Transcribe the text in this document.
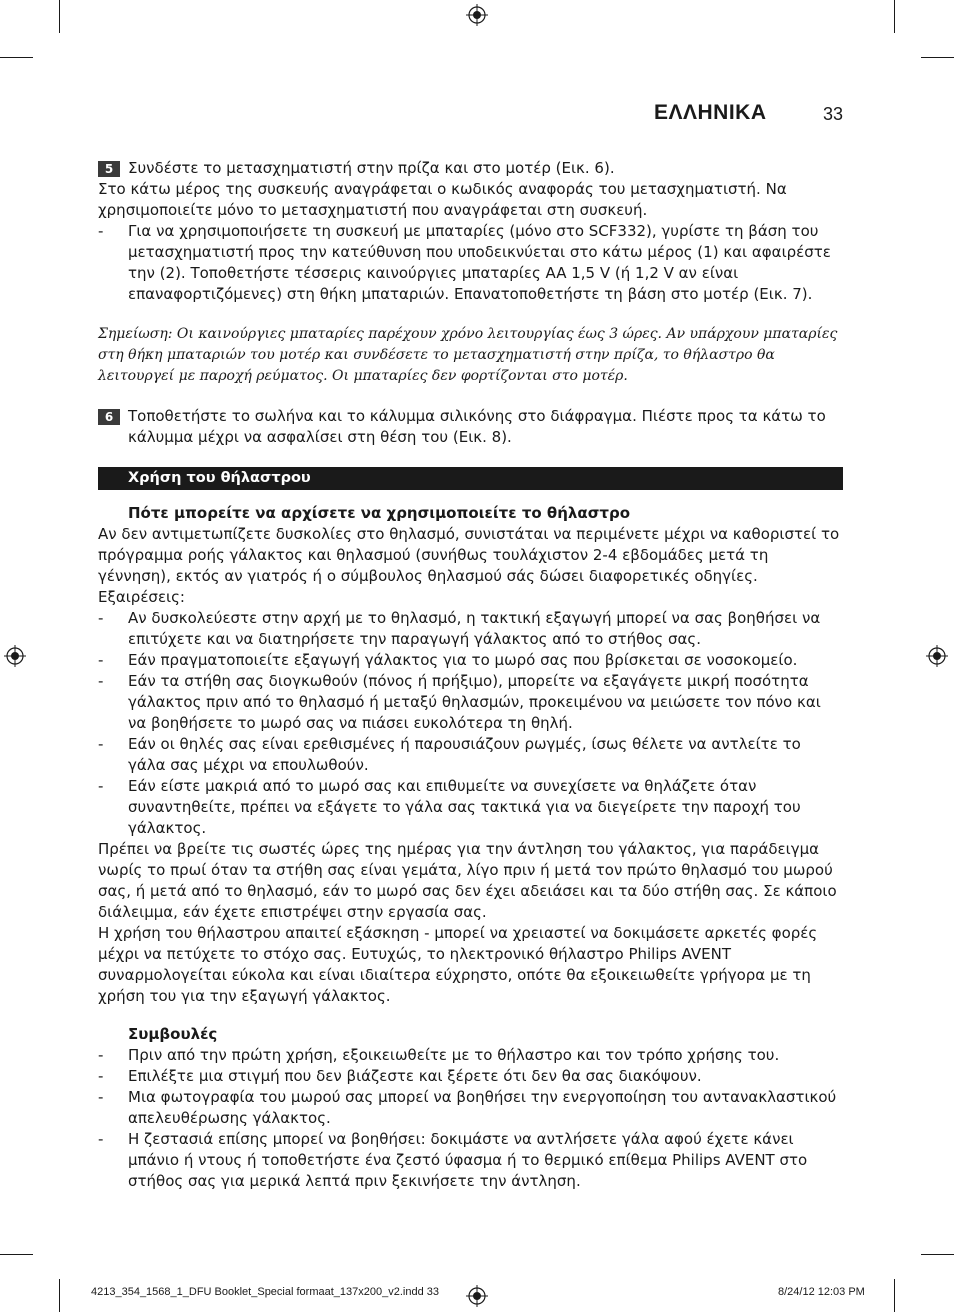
ΕΛΛΗΝΙΚΑ	33

5 Συνδέστε το μετασχηματιστή στην πρίζα και στο μοτέρ (Εικ. 6).

Στο κάτω μέρος της συσκευής αναγράφεται ο κωδικός αναφοράς του μετασχηματιστή. Να χρησιμοποιείτε μόνο το μετασχηματιστή που αναγράφεται στη συσκευή.

- Για να χρησιμοποιήσετε τη συσκευή με μπαταρίες (μόνο στο SCF332), γυρίστε τη βάση του μετασχηματιστή προς την κατεύθυνση που υποδεικνύεται στο κάτω μέρος (1) και αφαιρέστε την (2). Τοποθετήστε τέσσερις καινούργιες μπαταρίες AA 1,5 V (ή 1,2 V αν είναι επαναφορτιζόμενες) στη θήκη μπαταριών. Επανατοποθετήστε τη βάση στο μοτέρ (Εικ. 7).

Σημείωση: Οι καινούργιες μπαταρίες παρέχουν χρόνο λειτουργίας έως 3 ώρες. Αν υπάρχουν μπαταρίες στη θήκη μπαταριών του μοτέρ και συνδέσετε το μετασχηματιστή στην πρίζα, το θήλαστρο θα λειτουργεί με παροχή ρεύματος. Οι μπαταρίες δεν φορτίζονται στο μοτέρ.

6 Τοποθετήστε το σωλήνα και το κάλυμμα σιλικόνης στο διάφραγμα. Πιέστε προς τα κάτω το κάλυμμα μέχρι να ασφαλίσει στη θέση του (Εικ. 8).

Χρήση του θήλαστρου

Πότε μπορείτε να αρχίσετε να χρησιμοποιείτε το θήλαστρο

Αν δεν αντιμετωπίζετε δυσκολίες στο θηλασμό, συνιστάται να περιμένετε μέχρι να καθοριστεί το πρόγραμμα ροής γάλακτος και θηλασμού (συνήθως τουλάχιστον 2-4 εβδομάδες μετά τη γέννηση), εκτός αν γιατρός ή ο σύμβουλος θηλασμού σάς δώσει διαφορετικές οδηγίες.

Εξαιρέσεις:

- Αν δυσκολεύεστε στην αρχή με το θηλασμό, η τακτική εξαγωγή μπορεί να σας βοηθήσει να επιτύχετε και να διατηρήσετε την παραγωγή γάλακτος από το στήθος σας.

- Εάν πραγματοποιείτε εξαγωγή γάλακτος για το μωρό σας που βρίσκεται σε νοσοκομείο.

- Εάν τα στήθη σας διογκωθούν (πόνος ή πρήξιμο), μπορείτε να εξαγάγετε μικρή ποσότητα γάλακτος πριν από το θηλασμό ή μεταξύ θηλασμών, προκειμένου να μειώσετε τον πόνο και να βοηθήσετε το μωρό σας να πιάσει ευκολότερα τη θηλή.

- Εάν οι θηλές σας είναι ερεθισμένες ή παρουσιάζουν ρωγμές, ίσως θέλετε να αντλείτε το γάλα σας μέχρι να επουλωθούν.

- Εάν είστε μακριά από το μωρό σας και επιθυμείτε να συνεχίσετε να θηλάζετε όταν συναντηθείτε, πρέπει να εξάγετε το γάλα σας τακτικά για να διεγείρετε την παροχή του γάλακτος.

Πρέπει να βρείτε τις σωστές ώρες της ημέρας για την άντληση του γάλακτος, για παράδειγμα νωρίς το πρωί όταν τα στήθη σας είναι γεμάτα, λίγο πριν ή μετά τον πρώτο θηλασμό του μωρού σας, ή μετά από το θηλασμό, εάν το μωρό σας δεν έχει αδειάσει και τα δύο στήθη σας. Σε κάποιο διάλειμμα, εάν έχετε επιστρέψει στην εργασία σας.

Η χρήση του θήλαστρου απαιτεί εξάσκηση - μπορεί να χρειαστεί να δοκιμάσετε αρκετές φορές μέχρι να πετύχετε το στόχο σας. Ευτυχώς, το ηλεκτρονικό θήλαστρο Philips AVENT συναρμολογείται εύκολα και είναι ιδιαίτερα εύχρηστο, οπότε θα εξοικειωθείτε γρήγορα με τη χρήση του για την εξαγωγή γάλακτος.

Συμβουλές

- Πριν από την πρώτη χρήση, εξοικειωθείτε με το θήλαστρο και τον τρόπο χρήσης του.

- Επιλέξτε μια στιγμή που δεν βιάζεστε και ξέρετε ότι δεν θα σας διακόψουν.

- Μια φωτογραφία του μωρού σας μπορεί να βοηθήσει την ενεργοποίηση του αντανακλαστικού απελευθέρωσης γάλακτος.

- Η ζεστασιά επίσης μπορεί να βοηθήσει: δοκιμάστε να αντλήσετε γάλα αφού έχετε κάνει μπάνιο ή ντους ή τοποθετήστε ένα ζεστό ύφασμα ή το θερμικό επίθεμα Philips AVENT στο στήθος σας για μερικά λεπτά πριν ξεκινήσετε την άντληση.

4213_354_1568_1_DFU Booklet_Special formaat_137x200_v2.indd 33	8/24/12 12:03 PM
